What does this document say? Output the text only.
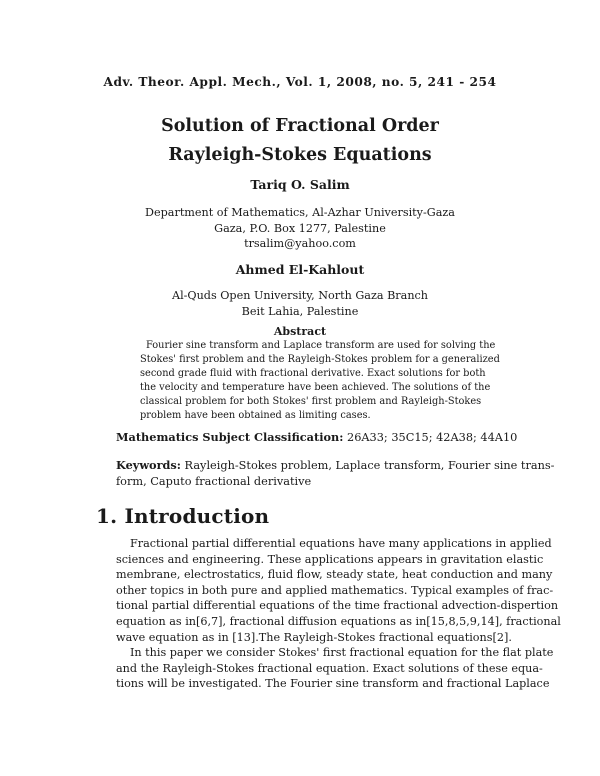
Adv. Theor. Appl. Mech., Vol. 1, 2008, no. 5, 241 - 254
Solution of Fractional Order
Rayleigh-Stokes Equations
Tariq O. Salim
Department of Mathematics, Al-Azhar University-Gaza
Gaza, P.O. Box 1277, Palestine
trsalim@yahoo.com
Ahmed El-Kahlout
Al-Quds Open University, North Gaza Branch
Beit Lahia, Palestine
Abstract
Fourier sine transform and Laplace transform are used for solving the
Stokes' first problem and the Rayleigh-Stokes problem for a generalized
second grade fluid with fractional derivative. Exact solutions for both
the velocity and temperature have been achieved. The solutions of the
classical problem for both Stokes' first problem and Rayleigh-Stokes
problem have been obtained as limiting cases.
Mathematics Subject Classification: 26A33; 35C15; 42A38; 44A10
Keywords: Rayleigh-Stokes problem, Laplace transform, Fourier sine trans-
form, Caputo fractional derivative
1. Introduction
Fractional partial differential equations have many applications in applied
sciences and engineering. These applications appears in gravitation elastic
membrane, electrostatics, fluid flow, steady state, heat conduction and many
other topics in both pure and applied mathematics. Typical examples of frac-
tional partial differential equations of the time fractional advection-dispertion
equation as in[6,7], fractional diffusion equations as in[15,8,5,9,14], fractional
wave equation as in [13].The Rayleigh-Stokes fractional equations[2].
In this paper we consider Stokes' first fractional equation for the flat plate
and the Rayleigh-Stokes fractional equation. Exact solutions of these equa-
tions will be investigated. The Fourier sine transform and fractional Laplace
